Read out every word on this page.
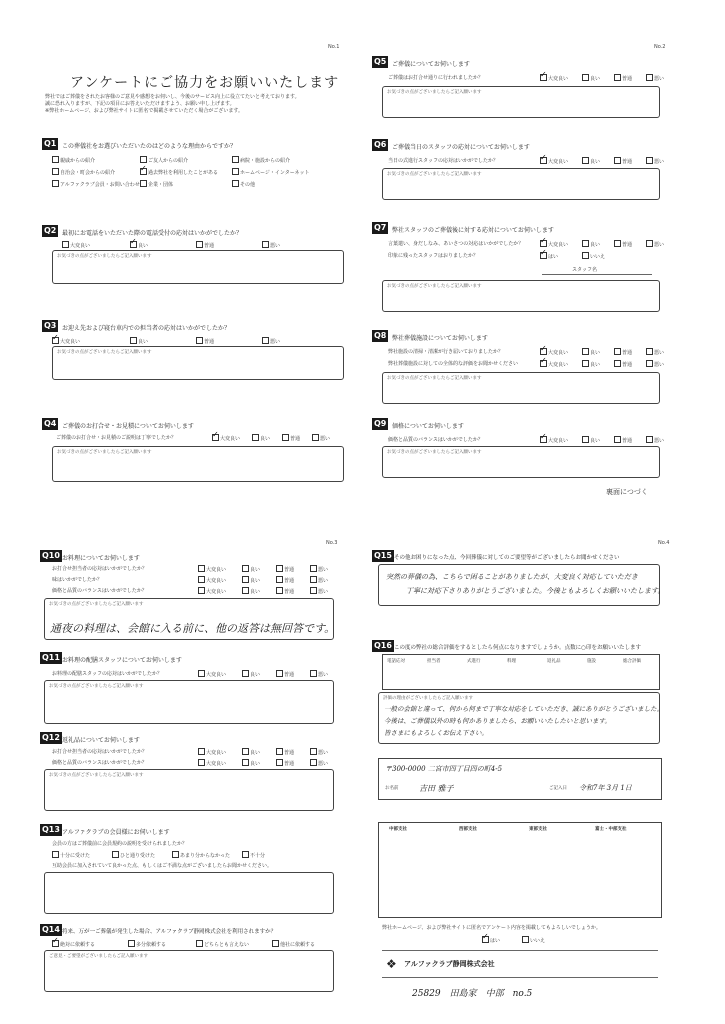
No.1
アンケートにご協力をお願いいたします
弊社ではご葬儀をされたお客様のご意見や感想をお伺いし、今後のサービス向上に役立てたいと考えております。
誠に恐れ入りますが、下記の項目にお答えいただけますよう、お願い申し上げます。
※弊社ホームページ、および弊社サイトに匿名で掲載させていただく場合がございます。
Q1 この葬儀社をお選びいただいたのはどのような理由からですか？
親戚からの紹介	ご友人からの紹介	病院・施設からの紹介
自治会・町会からの紹介 ✓	過去弊社を利用したことがある	ホームページ・インターネット
アルファクラブ会員・お問い合わせ	企業・団体	その他
Q2 最初にお電話をいただいた際の電話受付の応対はいかがでしたか？
大変良い ✓	良い	普通	悪い
お気づきの点がございましたらご記入願います
Q3 お迎え先および寝台車内での担当者の応対はいかがでしたか？
✓大変良い	良い	普通	悪い
お気づきの点がございましたらご記入願います
Q4 ご葬儀のお打合せ・お見積についてお伺いします
ご葬儀のお打合せ・お見積のご説明は丁寧でしたか？ ✓	大変良い	良い	普通	悪い
お気づきの点がございましたらご記入願います
No.2
Q5 ご葬儀についてお伺いします
ご葬儀はお打合せ通りに行われましたか？ ✓	大変良い	良い	普通	悪い
お気づきの点がございましたらご記入願います
Q6 ご葬儀当日のスタッフの応対についてお伺いします
当日の式進行スタッフの応対はいかがでしたか？ ✓	大変良い	良い	普通	悪い
お気づきの点がございましたらご記入願います
Q7 弊社スタッフのご葬儀後に対する応対についてお伺いします
言葉遣い、身だしなみ、あいさつの対応はいかがでしたか？ ✓	大変良い	良い	普通	悪い
印象に残ったスタッフはおりましたか？ ✓	はい	いいえ
スタッフ名
お気づきの点がございましたらご記入願います
Q8 弊社葬儀施設についてお伺いします
弊社施設の清掃・清潔が行き届いておりましたか？ ✓	大変良い	良い	普通	悪い
弊社葬儀施設に対しての全体的な評価をお聞かせください ✓	大変良い	良い	普通	悪い
お気づきの点がございましたらご記入願います
Q9 価格についてお伺いします
価格と品質のバランスはいかがでしたか？ ✓	大変良い	良い	普通	悪い
お気づきの点がございましたらご記入願います
裏面につづく
No.3
Q10 お料理についてお伺いします
お打合せ担当者の応対はいかがでしたか？	大変良い	良い	普通	悪い
味はいかがでしたか？	大変良い	良い	普通	悪い
価格と品質のバランスはいかがでしたか？	大変良い	良い	普通	悪い
お気づきの点がございましたらご記入願います
通夜の料理は、会館に入る前に、他の返答は無回答です。
Q11 お料理の配膳スタッフについてお伺いします
お料理の配膳スタッフの応対はいかがでしたか？	大変良い	良い	普通	悪い
お気づきの点がございましたらご記入願います
Q12 返礼品についてお伺いします
お打合せ担当者の応対はいかがでしたか？	大変良い	良い	普通	悪い
価格と品質のバランスはいかがでしたか？	大変良い	良い	普通	悪い
お気づきの点がございましたらご記入願います
Q13 アルファクラブの会員様にお伺いします
会員の方はご葬儀前に会員規約の説明を受けられましたか？
十分に受けた	ひと通り受けた	あまり分からなかった	不十分
互助会員に加入されていて良かった点、もしくはご不満な点がございましたらお聞かせください。
Q14 将来、万が一ご葬儀が発生した場合、アルファクラブ静岡株式会社を利用されますか？
✓絶対に依頼する	多分依頼する	どちらとも言えない	他社に依頼する
ご意見・ご要望がございましたらご記入願います
No.4
Q15 その他お困りになった点、今回葬儀に対してのご要望等がございましたらお聞かせください
突然の葬儀の為、こちらで困ることがありましたが、大変良く対応していただき
丁寧に対応下さりありがとうございました。今後ともよろしくお願いいたします。
Q16 この度の弊社の総合評価をするとしたら何点になりますでしょうか。点数に○印をお願いいたします
電話応対	担当者	式進行	料理	返礼品	施設	総合評価
評価の理由がございましたらご記入願います
一般の会館と違って、何から何まで丁寧な対応をしていただき、誠にありがとうございました。
今後は、ご葬儀以外の時も何かありましたら、お願いいたしたいと思います。
皆さまにもよろしくお伝え下さい。
〒300-0000 二宮市四丁目四の町4-5
お名前	吉田 雅子	ご記入日 令和7年 3月 1日
中部支社	西部支社	東部支社	富士・中部支社
弊社ホームページ、および弊社サイトに匿名でアンケート内容を掲載してもよろしいでしょうか。
✓はい	いいえ
❖ アルファクラブ静岡株式会社
25829　田島家　中部　no.5
